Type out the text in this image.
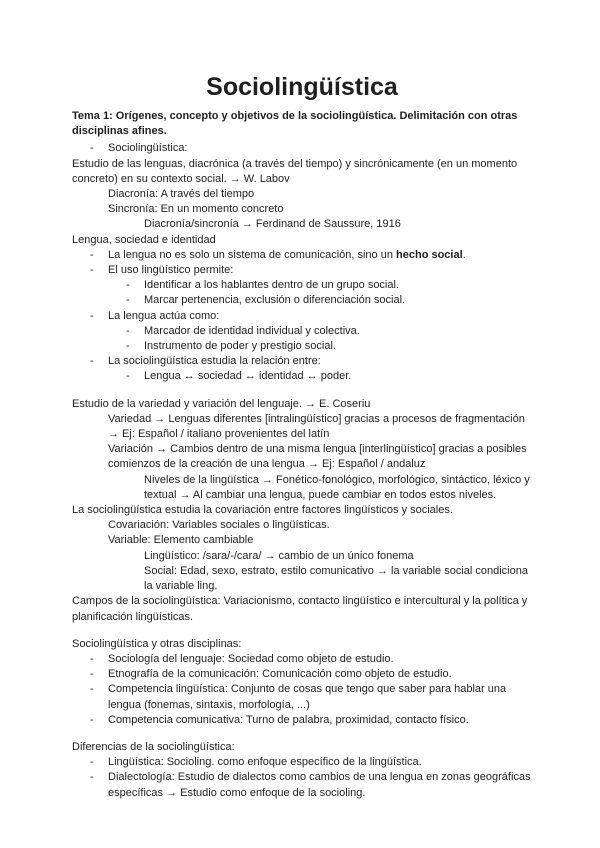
Sociolingüística
Tema 1: Orígenes, concepto y objetivos de la sociolingüística. Delimitación con otras disciplinas afines.
- Sociolingüística:
Estudio de las lenguas, diacrónica (a través del tiempo) y sincrónicamente (en un momento concreto) en su contexto social. → W. Labov
Diacronía: A través del tiempo
Sincronía: En un momento concreto
Diacronía/sincronía → Ferdinand de Saussure, 1916
Lengua, sociedad e identidad
- La lengua no es solo un sistema de comunicación, sino un hecho social.
- El uso lingüístico permite:
- Identificar a los hablantes dentro de un grupo social.
- Marcar pertenencia, exclusión o diferenciación social.
- La lengua actúa como:
- Marcador de identidad individual y colectiva.
- Instrumento de poder y prestigio social.
- La sociolingüística estudia la relación entre:
- Lengua ↔ sociedad ↔ identidad ↔ poder.
Estudio de la variedad y variación del lenguaje. → E. Coseriu
Variedad → Lenguas diferentes [intralingüístico] gracias a procesos de fragmentación → Ej: Español / italiano provenientes del latín
Variación → Cambios dentro de una misma lengua [interlingüístico] gracias a posibles comienzos de la creación de una lengua → Ej: Español / andaluz
Niveles de la lingüística → Fonético-fonológico, morfológico, sintáctico, léxico y textual → Al cambiar una lengua, puede cambiar en todos estos niveles.
La sociolingüística estudia la covariación entre factores lingüísticos y sociales.
Covariación: Variables sociales o lingüísticas.
Variable: Elemento cambiable
Lingüístico: /sara/-/cara/ → cambio de un único fonema
Social: Edad, sexo, estrato, estilo comunicativo → la variable social condiciona la variable ling.
Campos de la sociolingüística: Variacionismo, contacto lingüístico e intercultural y la política y planificación lingüísticas.
Sociolingüística y otras disciplinas:
- Sociología del lenguaje: Sociedad como objeto de estudio.
- Etnografía de la comunicación: Comunicación como objeto de estudio.
- Competencia lingüística: Conjunto de cosas que tengo que saber para hablar una lengua (fonemas, sintaxis, morfología, ...)
- Competencia comunicativa: Turno de palabra, proximidad, contacto físico.
Diferencias de la sociolingüística:
- Lingüística: Socioling. como enfoque específico de la lingüística.
- Dialectología: Estudio de dialectos como cambios de una lengua en zonas geográficas específicas → Estudio como enfoque de la socioling.
